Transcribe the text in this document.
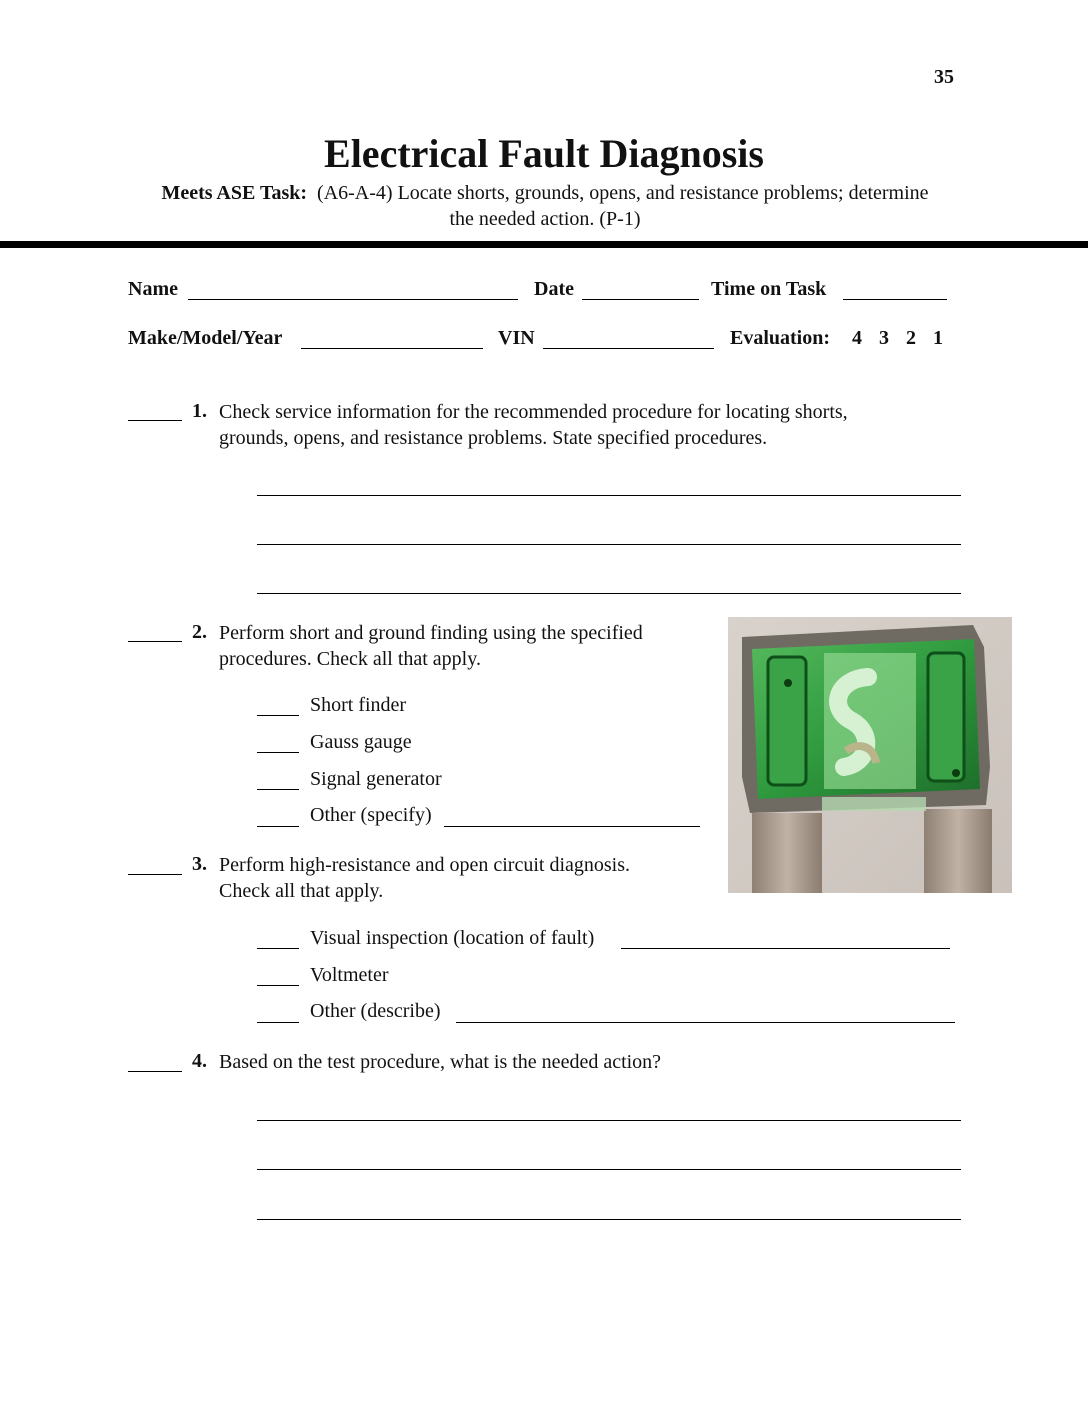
35
Electrical Fault Diagnosis
Meets ASE Task: (A6-A-4) Locate shorts, grounds, opens, and resistance problems; determine
the needed action. (P-1)
Name	Date	Time on Task
Make/Model/Year	VIN	Evaluation: 4 3 2 1
1. Check service information for the recommended procedure for locating shorts,
grounds, opens, and resistance problems. State specified procedures.
2. Perform short and ground finding using the specified
procedures. Check all that apply.
Short finder
Gauss gauge
Signal generator
Other (specify)
3. Perform high-resistance and open circuit diagnosis.
Check all that apply.
Visual inspection (location of fault)
Voltmeter
Other (describe)
4. Based on the test procedure, what is the needed action?
